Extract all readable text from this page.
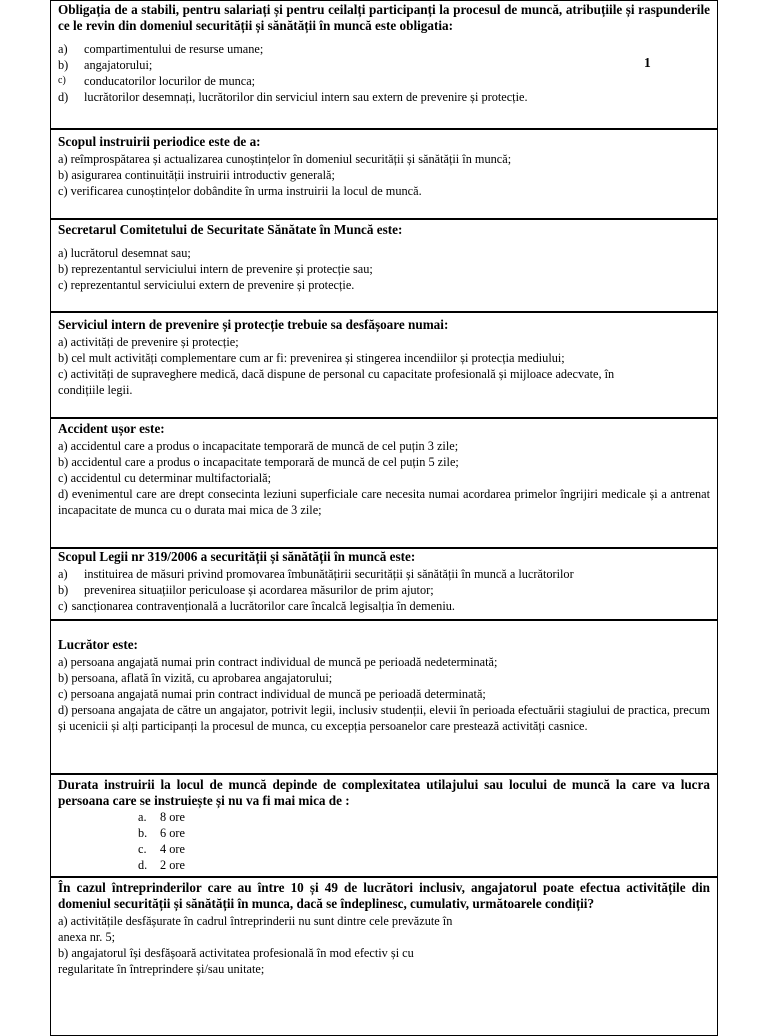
1
Obligația de a stabili, pentru salariați și pentru ceilalți participanți la procesul de muncă, atribuțiile și raspunderile ce le revin din domeniul securității și sănătății în muncă este obligatia:
a)	compartimentului de resurse umane;
b)	angajatorului;
c)	conducatorilor locurilor de munca;
d)	lucrătorilor desemnați, lucrătorilor din serviciul intern sau extern de prevenire și protecție.
Scopul instruirii periodice este de a:
a) reîmprospătarea și actualizarea cunoștințelor în domeniul securității și sănătății în muncă;
b) asigurarea continuității instruirii introductiv generală;
c) verificarea cunoștințelor dobândite în urma instruirii la locul de muncă.
Secretarul Comitetului de Securitate Sănătate în Muncă este:
a) lucrătorul desemnat sau;
b) reprezentantul serviciului intern de prevenire și protecție sau;
c) reprezentantul serviciului extern de prevenire și protecție.
Serviciul intern de prevenire și protecție trebuie sa desfășoare numai:
a) activități de prevenire și protecție;
b) cel mult activități complementare cum ar fi: prevenirea și stingerea incendiilor și protecția mediului;
c) activități de supraveghere medică, dacă dispune de personal cu capacitate profesională și mijloace adecvate, în condițiile legii.
Accident ușor este:
a) accidentul care a produs o incapacitate temporară de muncă de cel puțin 3 zile;
b) accidentul care a produs o incapacitate temporară de muncă de cel puțin 5 zile;
c) accidentul cu determinar multifactorială;
d) evenimentul care are drept consecinta leziuni superficiale care necesita numai acordarea primelor îngrijiri medicale și a antrenat incapacitate de munca cu o durata mai mica de 3 zile;
Scopul Legii nr 319/2006 a securității și sănătății în muncă este:
a)	instituirea de măsuri privind promovarea îmbunătățirii securității și sănătății în muncă a lucrătorilor
b)	prevenirea situațiilor periculoase și acordarea măsurilor de prim ajutor;
c) sancționarea contravențională a lucrătorilor care încalcă legisalția în demeniu.
Lucrător este:
a) persoana angajată numai prin contract individual de muncă pe perioadă nedeterminată;
b) persoana, aflată în vizită, cu aprobarea angajatorului;
c) persoana angajată numai prin contract individual de muncă pe perioadă determinată;
d) persoana angajata de către un angajator, potrivit legii, inclusiv studenții, elevii în perioada efectuării stagiului de practica, precum și ucenicii și alți participanți la procesul de munca, cu excepția persoanelor care prestează activități casnice.
Durata instruirii la locul de muncă depinde de complexitatea utilajului sau locului de muncă la care va lucra persoana care se instruiește și nu va fi mai mica de :
a.	8 ore
b.	6 ore
c.	4 ore
d.	2 ore
În cazul întreprinderilor care au între 10 și 49 de lucrători inclusiv, angajatorul poate efectua activitățile din domeniul securității și sănătății în munca, dacă se îndeplinesc, cumulativ, următoarele condiții?
a) activitățile desfășurate în cadrul întreprinderii nu sunt dintre cele prevăzute în
anexa nr. 5;
b) angajatorul își desfășoară activitatea profesională în mod efectiv și cu
regularitate în întreprindere și/sau unitate;
